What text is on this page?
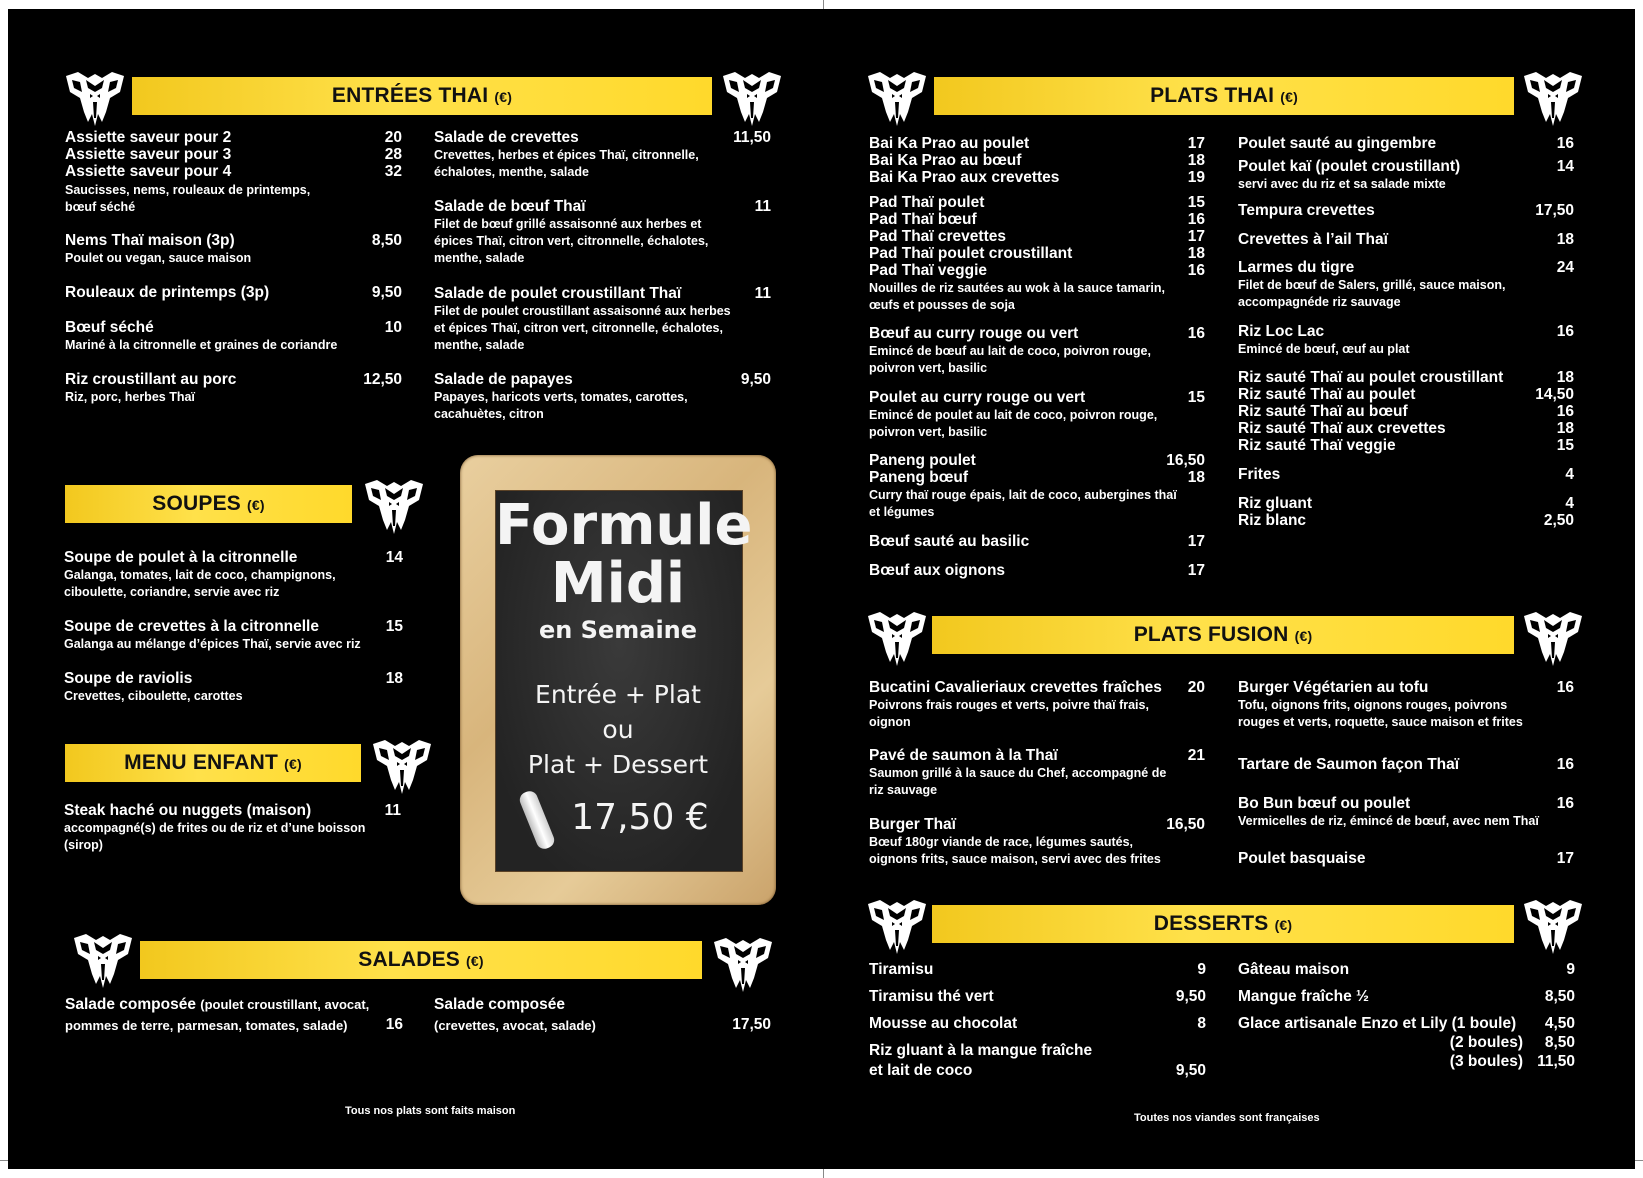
ENTRÉES THAI (€)
SOUPES (€)
MENU ENFANT (€)
SALADES (€)
PLATS THAI (€)
PLATS FUSION (€)
DESSERTS (€)
Assiette saveur pour 2	20
Assiette saveur pour 3	28
Assiette saveur pour 4	32
Saucisses, nems, rouleaux de printemps, bœuf séché
Nems Thaï maison (3p)	8,50
Poulet ou vegan, sauce maison
Rouleaux de printemps (3p)	9,50
Bœuf séché	10
Mariné à la citronnelle et graines de coriandre
Riz croustillant au porc	12,50
Riz, porc, herbes Thaï
Salade de crevettes	11,50
Crevettes, herbes et épices Thaï, citronnelle, échalotes, menthe, salade
Salade de bœuf Thaï	11
Filet de bœuf grillé assaisonné aux herbes et épices Thaï, citron vert, citronnelle, échalotes, menthe, salade
Salade de poulet croustillant Thaï	11
Filet de poulet croustillant assaisonné aux herbes et épices Thaï, citron vert, citronnelle, échalotes, menthe, salade
Salade de papayes	9,50
Papayes, haricots verts, tomates, carottes, cacahuètes, citron
Soupe de poulet à la citronnelle	14
Galanga, tomates, lait de coco, champignons, ciboulette, coriandre, servie avec riz
Soupe de crevettes à la citronnelle	15
Galanga au mélange d’épices Thaï, servie avec riz
Soupe de raviolis	18
Crevettes, ciboulette, carottes
Steak haché ou nuggets (maison)	11
accompagné(s) de frites ou de riz et d’une boisson (sirop)
Salade composée (poulet croustillant, avocat,
pommes de terre, parmesan, tomates, salade)	16
Salade composée
(crevettes, avocat, salade)	17,50
Tous nos plats sont faits maison
Toutes nos viandes sont françaises
Formule
Midi
en Semaine
Entrée + Plat
ou
Plat + Dessert
17,50 €
Bai Ka Prao au poulet	17
Bai Ka Prao au bœuf	18
Bai Ka Prao aux crevettes	19
Pad Thaï poulet	15
Pad Thaï bœuf	16
Pad Thaï crevettes	17
Pad Thaï poulet croustillant	18
Pad Thaï veggie	16
Nouilles de riz sautées au wok à la sauce tamarin, œufs et pousses de soja
Bœuf au curry rouge ou vert	16
Emincé de bœuf au lait de coco, poivron rouge, poivron vert, basilic
Poulet au curry rouge ou vert	15
Emincé de poulet au lait de coco, poivron rouge, poivron vert, basilic
Paneng poulet	16,50
Paneng bœuf	18
Curry thaï rouge épais, lait de coco, aubergines thaï et légumes
Bœuf sauté au basilic	17
Bœuf aux oignons	17
Poulet sauté au gingembre	16
Poulet kaï (poulet croustillant)	14
servi avec du riz et sa salade mixte
Tempura crevettes	17,50
Crevettes à l’ail Thaï	18
Larmes du tigre	24
Filet de bœuf de Salers, grillé, sauce maison, accompagnéde riz sauvage
Riz Loc Lac	16
Emincé de bœuf, œuf au plat
Riz sauté Thaï au poulet croustillant	18
Riz sauté Thaï au poulet	14,50
Riz sauté Thaï au bœuf	16
Riz sauté Thaï aux crevettes	18
Riz sauté Thaï veggie	15
Frites	4
Riz gluant	4
Riz blanc	2,50
Bucatini Cavalieriaux crevettes fraîches	20
Poivrons frais rouges et verts, poivre thaï frais, oignon
Pavé de saumon à la Thaï	21
Saumon grillé à la sauce du Chef, accompagné de riz sauvage
Burger Thaï	16,50
Bœuf 180gr viande de race, légumes sautés, oignons frits, sauce maison, servi avec des frites
Burger Végétarien au tofu	16
Tofu, oignons frits, oignons rouges, poivrons rouges et verts, roquette, sauce maison et frites
Tartare de Saumon façon Thaï	16
Bo Bun bœuf ou poulet	16
Vermicelles de riz, émincé de bœuf, avec nem Thaï
Poulet basquaise	17
Tiramisu	9
Tiramisu thé vert	9,50
Mousse au chocolat	8
Riz gluant à la mangue fraîche
et lait de coco	9,50
Gâteau maison	9
Mangue fraîche ½	8,50
Glace artisanale Enzo et Lily (1 boule)	4,50
(2 boules)	8,50
(3 boules) 11,50
